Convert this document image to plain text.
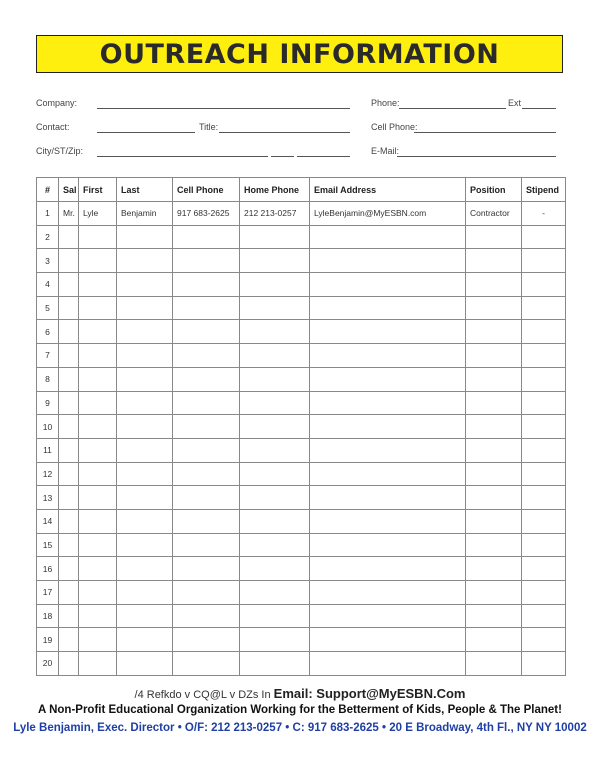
OUTREACH INFORMATION
Company:	Phone:	Ext
Contact:	Title:	Cell Phone:
City/ST/Zip:	E-Mail:
#	Sal	First	Last	Cell Phone	Home Phone	Email Address	Position	Stipend
1	Mr.	Lyle	Benjamin	917 683-2625	212 213-0257	LyleBenjamin@MyESBN.com	Contractor	-
2								
3								
4								
5								
6								
7								
8								
9								
10								
11								
12								
13								
14								
15								
16								
17								
18								
19								
20								
/4 Refkdo v CQ@L v DZs In Email: Support@MyESBN.Com
A Non-Profit Educational Organization Working for the Betterment of Kids, People & The Planet!
Lyle Benjamin, Exec. Director • O/F: 212 213-0257 • C: 917 683-2625 • 20 E Broadway, 4th Fl., NY NY 10002
